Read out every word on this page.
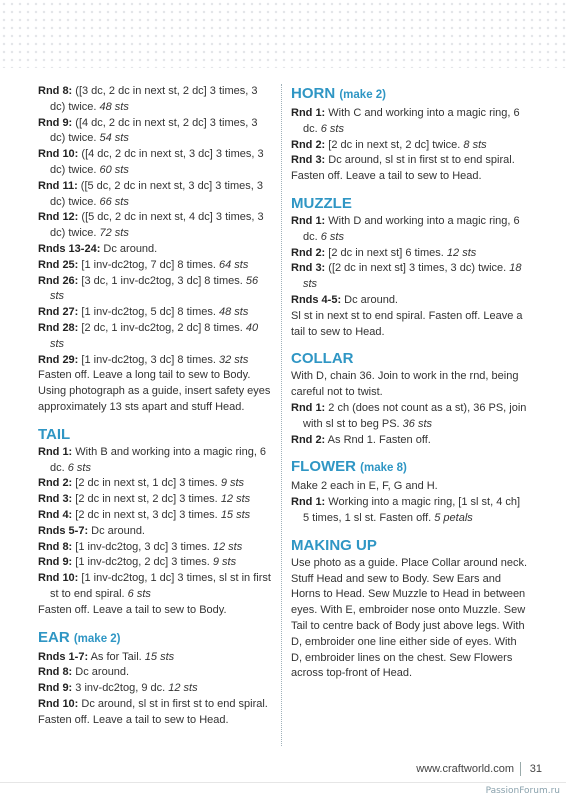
Rnd 8: ([3 dc, 2 dc in next st, 2 dc] 3 times, 3 dc) twice. 48 sts

Rnd 9: ([4 dc, 2 dc in next st, 2 dc] 3 times, 3 dc) twice. 54 sts

Rnd 10: ([4 dc, 2 dc in next st, 3 dc] 3 times, 3 dc) twice. 60 sts

Rnd 11: ([5 dc, 2 dc in next st, 3 dc] 3 times, 3 dc) twice. 66 sts

Rnd 12: ([5 dc, 2 dc in next st, 4 dc] 3 times, 3 dc) twice. 72 sts

Rnds 13-24: Dc around.

Rnd 25: [1 inv-dc2tog, 7 dc] 8 times. 64 sts

Rnd 26: [3 dc, 1 inv-dc2tog, 3 dc] 8 times. 56 sts

Rnd 27: [1 inv-dc2tog, 5 dc] 8 times. 48 sts

Rnd 28: [2 dc, 1 inv-dc2tog, 2 dc] 8 times. 40 sts

Rnd 29: [1 inv-dc2tog, 3 dc] 8 times. 32 sts

Fasten off. Leave a long tail to sew to Body. Using photograph as a guide, insert safety eyes approximately 13 sts apart and stuff Head.

TAIL

Rnd 1: With B and working into a magic ring, 6 dc. 6 sts

Rnd 2: [2 dc in next st, 1 dc] 3 times. 9 sts

Rnd 3: [2 dc in next st, 2 dc] 3 times. 12 sts

Rnd 4: [2 dc in next st, 3 dc] 3 times. 15 sts

Rnds 5-7: Dc around.

Rnd 8: [1 inv-dc2tog, 3 dc] 3 times. 12 sts

Rnd 9: [1 inv-dc2tog, 2 dc] 3 times. 9 sts

Rnd 10: [1 inv-dc2tog, 1 dc] 3 times, sl st in first st to end spiral. 6 sts

Fasten off. Leave a tail to sew to Body.

EAR (make 2)

Rnds 1-7: As for Tail. 15 sts

Rnd 8: Dc around.

Rnd 9: 3 inv-dc2tog, 9 dc. 12 sts

Rnd 10: Dc around, sl st in first st to end spiral.

Fasten off. Leave a tail to sew to Head.

HORN (make 2)

Rnd 1: With C and working into a magic ring, 6 dc. 6 sts

Rnd 2: [2 dc in next st, 2 dc] twice. 8 sts

Rnd 3: Dc around, sl st in first st to end spiral.

Fasten off. Leave a tail to sew to Head.

MUZZLE

Rnd 1: With D and working into a magic ring, 6 dc. 6 sts

Rnd 2: [2 dc in next st] 6 times. 12 sts

Rnd 3: ([2 dc in next st] 3 times, 3 dc) twice. 18 sts

Rnds 4-5: Dc around.

Sl st in next st to end spiral. Fasten off. Leave a tail to sew to Head.

COLLAR

With D, chain 36. Join to work in the rnd, being careful not to twist.

Rnd 1: 2 ch (does not count as a st), 36 PS, join with sl st to beg PS. 36 sts

Rnd 2: As Rnd 1. Fasten off.

FLOWER (make 8)

Make 2 each in E, F, G and H.

Rnd 1: Working into a magic ring, [1 sl st, 4 ch] 5 times, 1 sl st. Fasten off. 5 petals

MAKING UP

Use photo as a guide. Place Collar around neck. Stuff Head and sew to Body. Sew Ears and Horns to Head. Sew Muzzle to Head in between eyes. With E, embroider nose onto Muzzle. Sew Tail to centre back of Body just above legs. With D, embroider one line either side of eyes. With D, embroider lines on the chest. Sew Flowers across top-front of Head.

www.craftworld.com 31
PassionForum.ru
